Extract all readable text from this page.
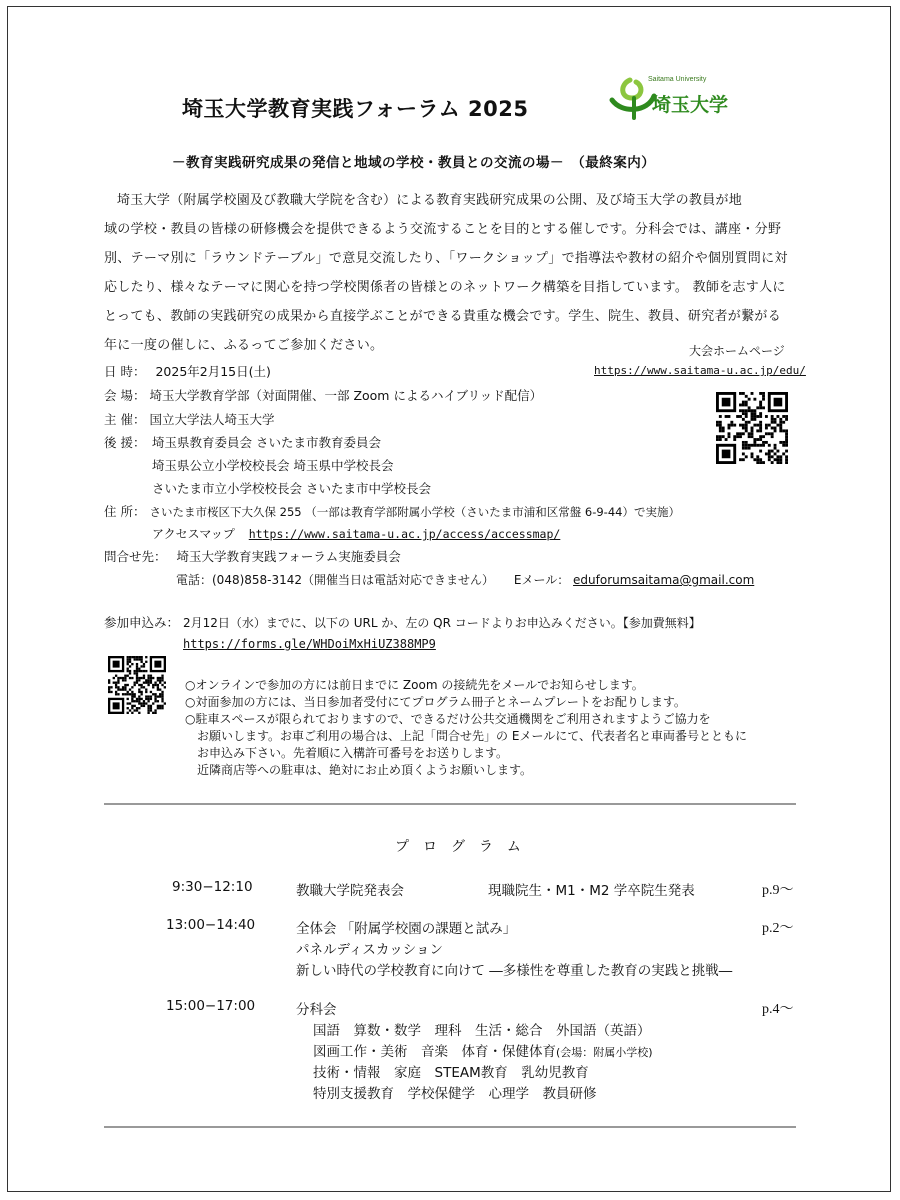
埼玉大学教育実践フォーラム 2025
Saitama University
埼玉大学
－教育実践研究成果の発信と地域の学校・教員との交流の場－　（最終案内）
埼玉大学（附属学校園及び教職大学院を含む）による教育実践研究成果の公開、及び埼玉大学の教員が地
域の学校・教員の皆様の研修機会を提供できるよう交流することを目的とする催しです。分科会では、講座・分野
別、テーマ別に「ラウンドテーブル」で意見交流したり、「ワークショップ」で指導法や教材の紹介や個別質問に対
応したり、様々なテーマに関心を持つ学校関係者の皆様とのネットワーク構築を目指しています。 教師を志す人に
とっても、教師の実践研究の成果から直接学ぶことができる貴重な機会です。学生、院生、教員、研究者が繋がる
年に一度の催しに、ふるってご参加ください。	大会ホームページ
https://www.saitama-u.ac.jp/edu/
日 時： 2025年2月15日(土)
会 場： 埼玉大学教育学部（対面開催、一部 Zoom によるハイブリッド配信）
主 催： 国立大学法人埼玉大学
後 援： 埼玉県教育委員会 さいたま市教育委員会
埼玉県公立小学校校長会 埼玉県中学校長会
さいたま市立小学校校長会 さいたま市中学校長会
住 所： さいたま市桜区下大久保 255 （一部は教育学部附属小学校（さいたま市浦和区常盤 6-9-44）で実施）
アクセスマップ https://www.saitama-u.ac.jp/access/accessmap/
問合せ先： 埼玉大学教育実践フォーラム実施委員会
電話：(048)858-3142（開催当日は電話対応できません） Eメール： eduforumsaitama@gmail.com
参加申込み： 2月12日（水）までに、以下の URL か、左の QR コードよりお申込みください。【参加費無料】
https://forms.gle/WHDoiMxHiUZ388MP9
○オンラインで参加の方には前日までに Zoom の接続先をメールでお知らせします。
○対面参加の方には、当日参加者受付にてプログラム冊子とネームプレートをお配りします。
○駐車スペースが限られておりますので、できるだけ公共交通機関をご利用されますようご協力を
　お願いします。お車ご利用の場合は、上記「問合せ先」の Eメールにて、代表者名と車両番号とともに
　お申込み下さい。先着順に入構許可番号をお送りします。
　近隣商店等への駐車は、絶対にお止め頂くようお願いします。
プログラム
9:30−12:10	教職大学院発表会	現職院生・M1・M2 学卒院生発表	p.9～
13:00−14:40	全体会 「附属学校園の課題と試み」	p.2～
パネルディスカッション
新しい時代の学校教育に向けて ―多様性を尊重した教育の実践と挑戦―
15:00−17:00	分科会	p.4～
国語　算数・数学　理科　生活・総合　外国語（英語）
図画工作・美術　音楽　体育・保健体育(会場：附属小学校)
技術・情報　家庭　STEAM教育　乳幼児教育
特別支援教育　学校保健学　心理学　教員研修
